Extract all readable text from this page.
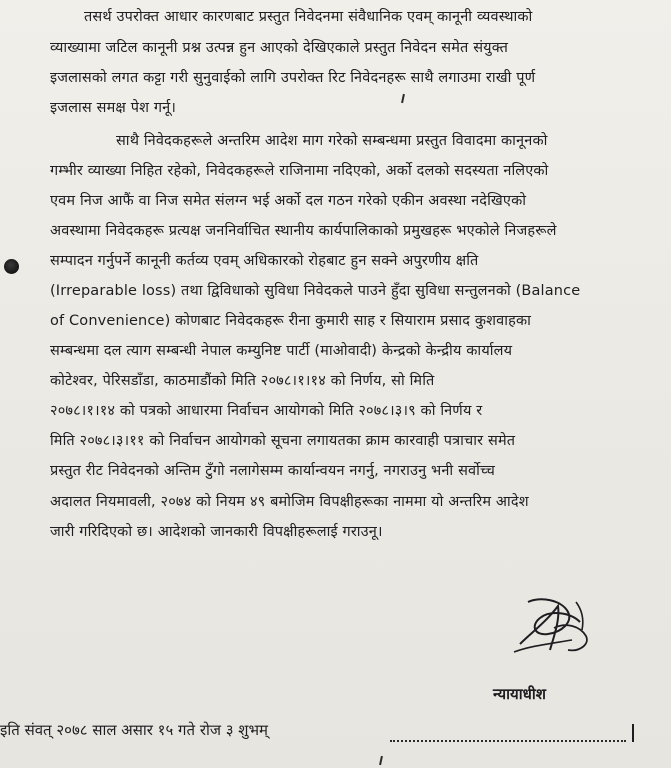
तसर्थ उपरोक्त आधार कारणबाट प्रस्तुत निवेदनमा संवैधानिक एवम् कानूनी व्यवस्थाको
व्याख्यामा जटिल कानूनी प्रश्न उत्पन्न हुन आएको देखिएकाले प्रस्तुत निवेदन समेत संयुक्त
इजलासको लगत कट्टा गरी सुनुवाईको लागि उपरोक्त रिट निवेदनहरू साथै लगाउमा राखी पूर्ण
इजलास समक्ष पेश गर्नू।
साथै निवेदकहरूले अन्तरिम आदेश माग गरेको सम्बन्धमा प्रस्तुत विवादमा कानूनको
गम्भीर व्याख्या निहित रहेको, निवेदकहरूले राजिनामा नदिएको, अर्को दलको सदस्यता नलिएको
एवम निज आफैं वा निज समेत संलग्न भई अर्को दल गठन गरेको एकीन अवस्था नदेखिएको
अवस्थामा निवेदकहरू प्रत्यक्ष जननिर्वाचित स्थानीय कार्यपालिकाको प्रमुखहरू भएकोले निजहरूले
सम्पादन गर्नुपर्ने कानूनी कर्तव्य एवम् अधिकारको रोहबाट हुन सक्ने अपुरणीय क्षति
(Irreparable loss) तथा द्विविधाको सुविधा निवेदकले पाउने हुँदा सुविधा सन्तुलनको (Balance
of Convenience) कोणबाट निवेदकहरू रीना कुमारी साह र सियाराम प्रसाद कुशवाहका
सम्बन्धमा दल त्याग सम्बन्धी नेपाल कम्युनिष्ट पार्टी (माओवादी) केन्द्रको केन्द्रीय कार्यालय
कोटेश्वर, पेरिसडाँडा, काठमाडौंको मिति २०७८।१।१४ को निर्णय, सो मिति
२०७८।१।१४ को पत्रको आधारमा निर्वाचन आयोगको मिति २०७८।३।९ को निर्णय र
मिति २०७८।३।११ को निर्वाचन आयोगको सूचना लगायतका क्राम कारवाही पत्राचार समेत
प्रस्तुत रीट निवेदनको अन्तिम टुँगो नलागेसम्म कार्यान्वयन नगर्नु, नगराउनु भनी सर्वोच्च
अदालत नियमावली, २०७४ को नियम ४९ बमोजिम विपक्षीहरूका नाममा यो अन्तरिम आदेश
जारी गरिदिएको छ। आदेशको जानकारी विपक्षीहरूलाई गराउनू।
न्यायाधीश
इति संवत् २०७८ साल असार १५ गते रोज ३ शुभम्
